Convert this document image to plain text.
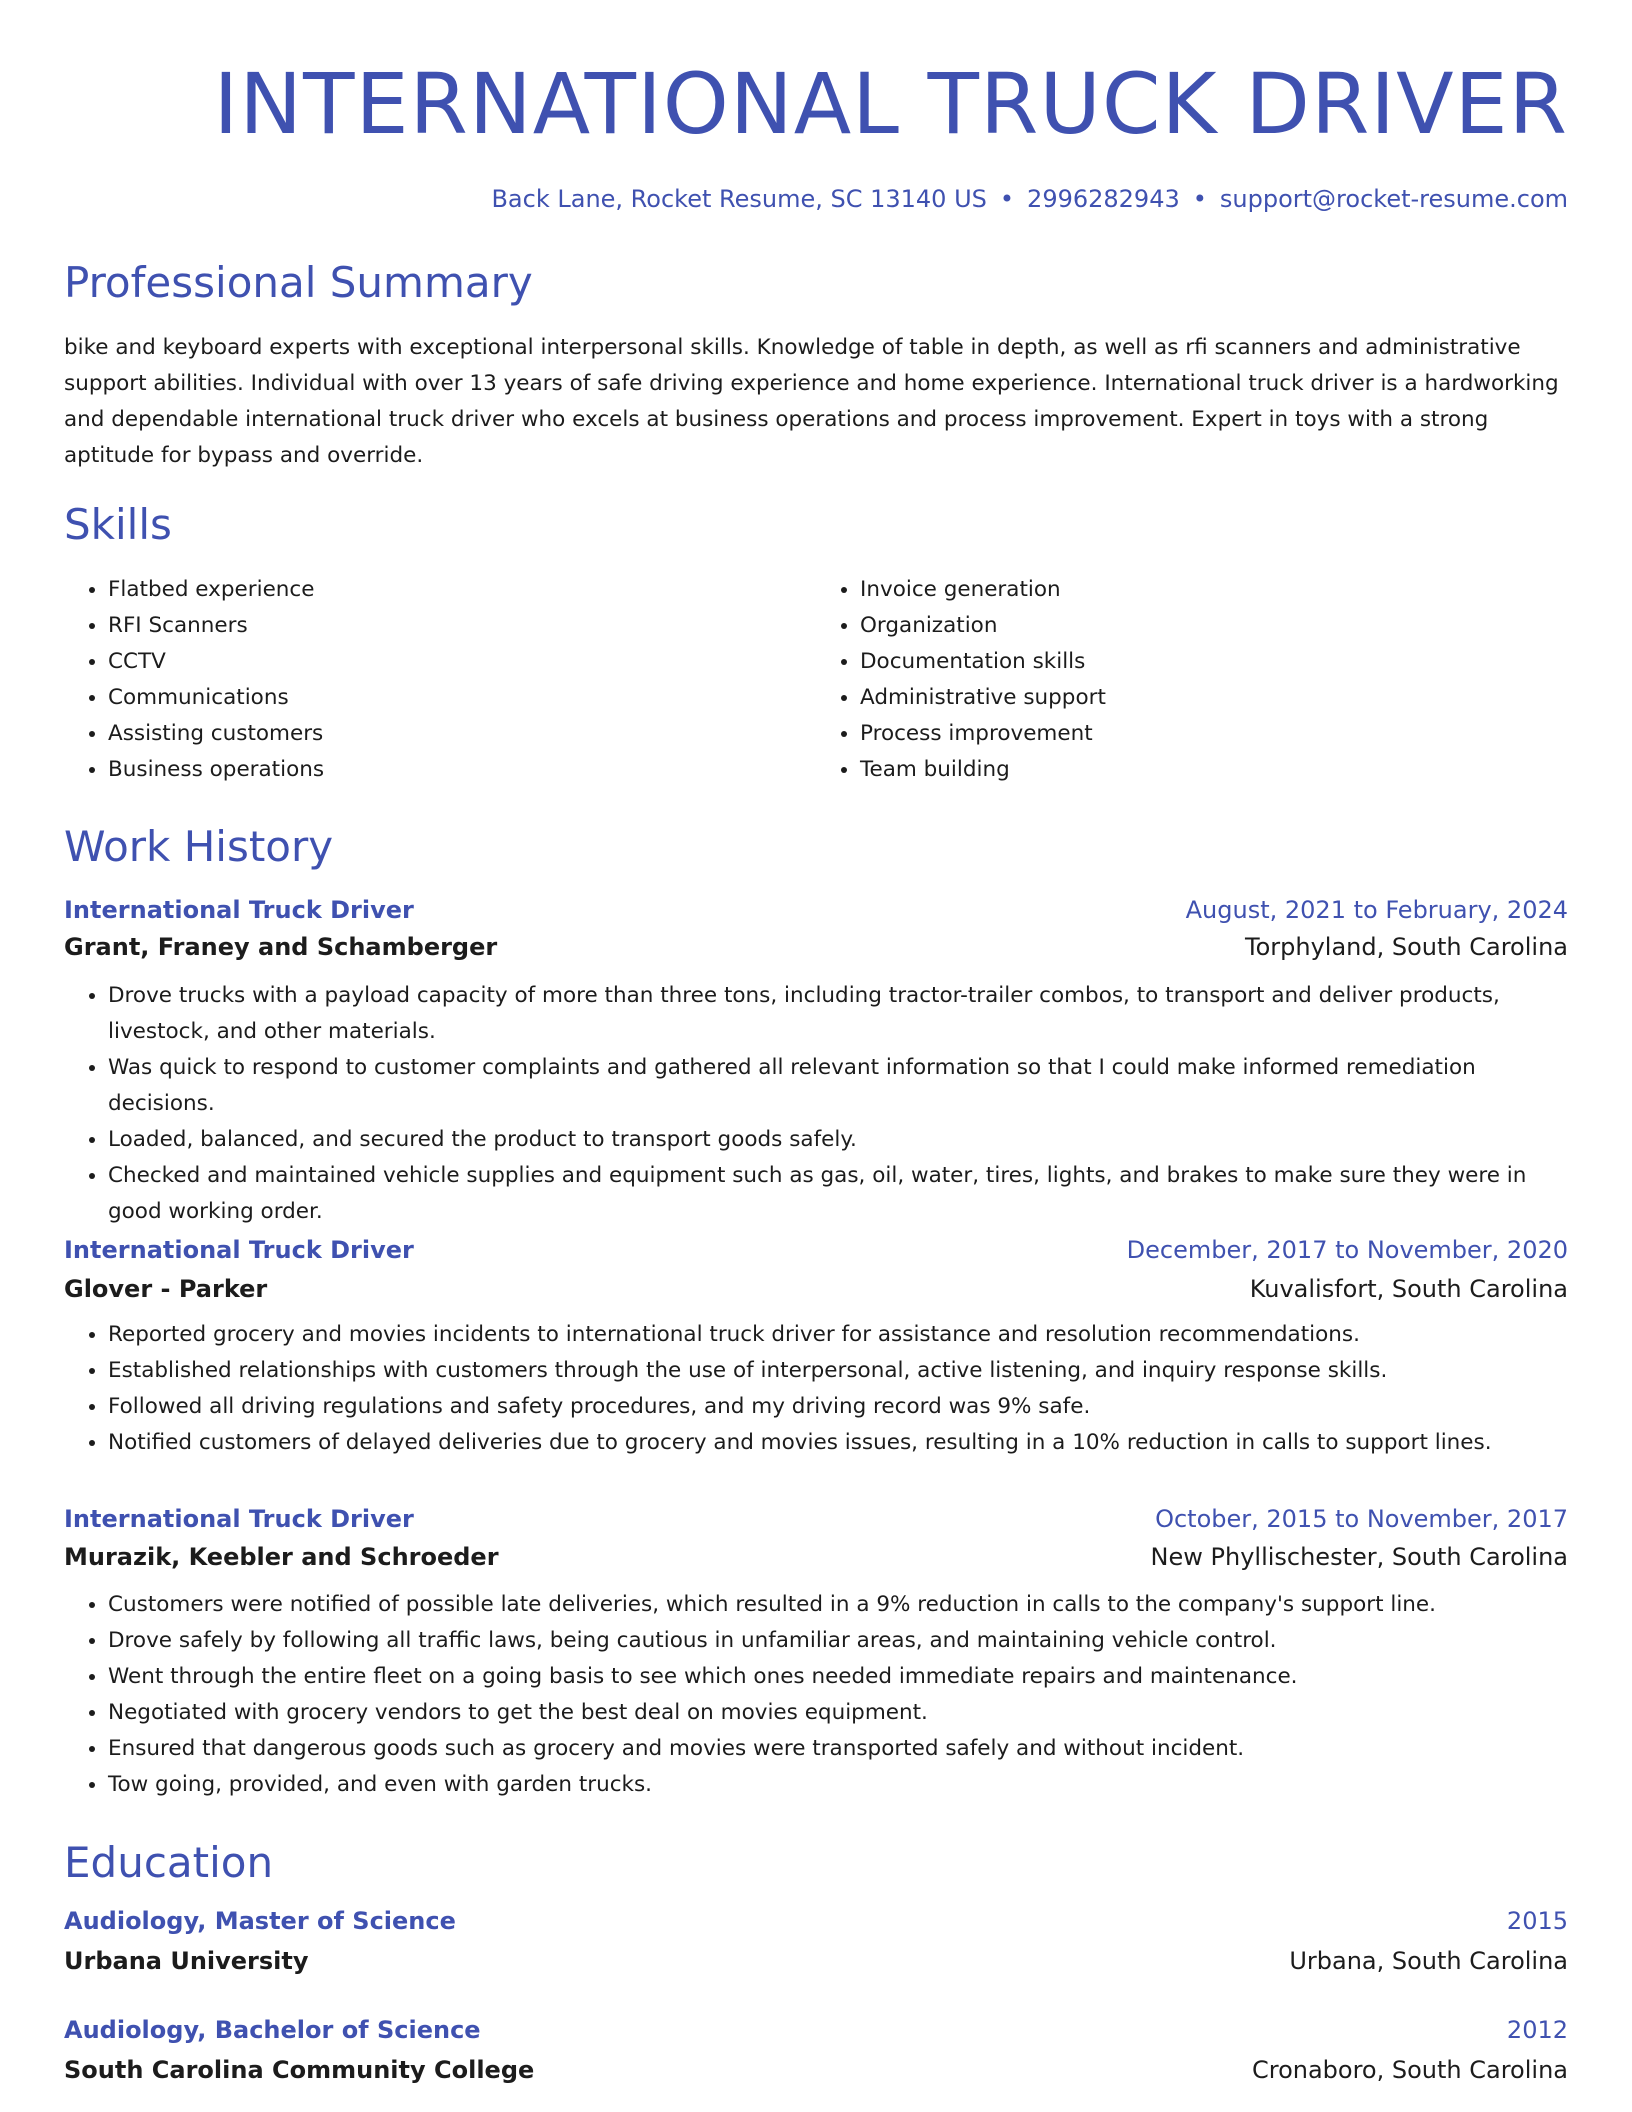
INTERNATIONAL TRUCK DRIVER
Back Lane, Rocket Resume, SC 13140 US • 2996282943 • support@rocket-resume.com
Professional Summary

bike and keyboard experts with exceptional interpersonal skills. Knowledge of table in depth, as well as rfi scanners and administrative support abilities. Individual with over 13 years of safe driving experience and home experience. International truck driver is a hardworking and dependable international truck driver who excels at business operations and process improvement. Expert in toys with a strong aptitude for bypass and override.

Skills
• Flatbed experience
• RFI Scanners
• CCTV
• Communications
• Assisting customers
• Business operations
• Invoice generation
• Organization
• Documentation skills
• Administrative support
• Process improvement
• Team building
Work History
International Truck Driver	August, 2021 to February, 2024
Grant, Franey and Schamberger	Torphyland, South Carolina
• Drove trucks with a payload capacity of more than three tons, including tractor-trailer combos, to transport and deliver products, livestock, and other materials.
• Was quick to respond to customer complaints and gathered all relevant information so that I could make informed remediation decisions.
• Loaded, balanced, and secured the product to transport goods safely.
• Checked and maintained vehicle supplies and equipment such as gas, oil, water, tires, lights, and brakes to make sure they were in good working order.
International Truck Driver	December, 2017 to November, 2020
Glover - Parker	Kuvalisfort, South Carolina
• Reported grocery and movies incidents to international truck driver for assistance and resolution recommendations.
• Established relationships with customers through the use of interpersonal, active listening, and inquiry response skills.
• Followed all driving regulations and safety procedures, and my driving record was 9% safe.
• Notified customers of delayed deliveries due to grocery and movies issues, resulting in a 10% reduction in calls to support lines.
International Truck Driver	October, 2015 to November, 2017
Murazik, Keebler and Schroeder	New Phyllischester, South Carolina
• Customers were notified of possible late deliveries, which resulted in a 9% reduction in calls to the company's support line.
• Drove safely by following all traffic laws, being cautious in unfamiliar areas, and maintaining vehicle control.
• Went through the entire fleet on a going basis to see which ones needed immediate repairs and maintenance.
• Negotiated with grocery vendors to get the best deal on movies equipment.
• Ensured that dangerous goods such as grocery and movies were transported safely and without incident.
• Tow going, provided, and even with garden trucks.
Education
Audiology, Master of Science	2015
Urbana University	Urbana, South Carolina
Audiology, Bachelor of Science	2012
South Carolina Community College	Cronaboro, South Carolina
